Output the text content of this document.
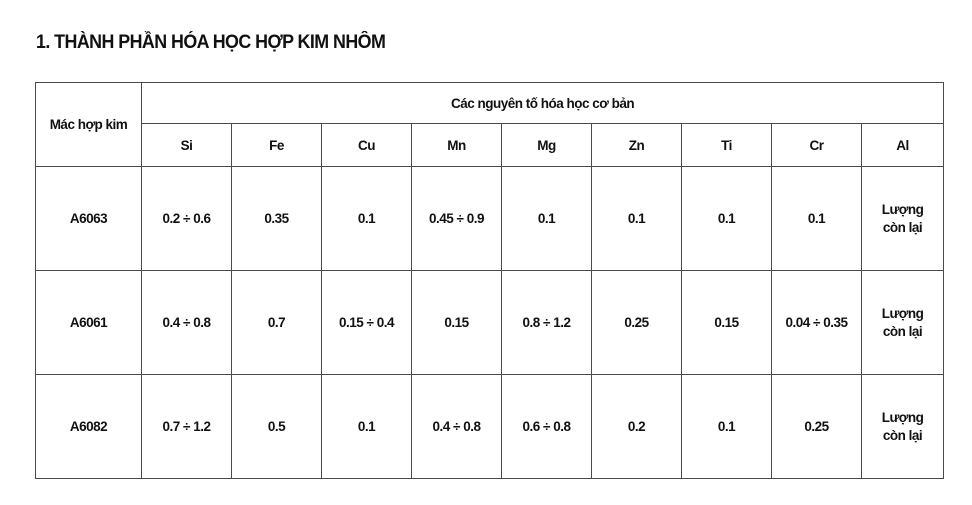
1. THÀNH PHẦN HÓA HỌC HỢP KIM NHÔM
Mác hợp kim	Các nguyên tố hóa học cơ bản								
	Si	Fe	Cu	Mn	Mg	Zn	Ti	Cr	Al
A6063	0.2 ÷ 0.6	0.35	0.1	0.45 ÷ 0.9	0.1	0.1	0.1	0.1	Lượng
còn lại

A6061	0.4 ÷ 0.8	0.7	0.15 ÷ 0.4	0.15	0.8 ÷ 1.2	0.25	0.15	0.04 ÷ 0.35	Lượng
còn lại

A6082	0.7 ÷ 1.2	0.5	0.1	0.4 ÷ 0.8	0.6 ÷ 0.8	0.2	0.1	0.25	Lượng
còn lại
